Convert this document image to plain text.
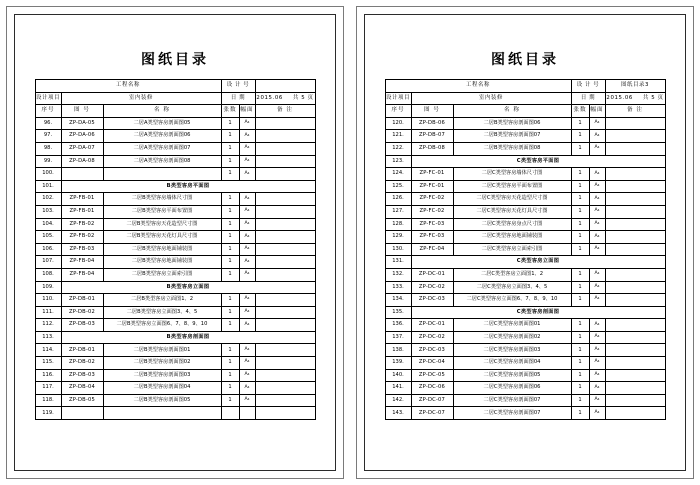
图纸目录
工程名称			设 计 号		
设计项目	室内装修		日 期		2015.06 共 5 页
序号	图 号	名 称	张数	幅面	备 注
96.	ZP-DA-05	二居A类型客房剖面图05	1	A₄	
97.	ZP-DA-06	二居A类型客房剖面图06	1	A₄	
98.	ZP-DA-07	二居A类型客房剖面图07	1	A₄	
99.	ZP-DA-08	二居A类型客房剖面图08	1	A₄	
100.			1	A₄	
101.	B类型客房平面图				
102.	ZP-FB-01	二居B类型客房墙体尺寸图	1	A₄	
103.	ZP-FB-01	二居B类型客房平面布置图	1	A₄	
104.	ZP-FB-02	二居B类型客房天花造型尺寸图	1	A₄	
105.	ZP-FB-02	二居B类型客房天花灯具尺寸图	1	A₄	
106.	ZP-FB-03	二居B类型客房地面铺装图	1	A₄	
107.	ZP-FB-04	二居B类型客房地面铺装图	1	A₄	
108.	ZP-FB-04	二居B类型客房立面索引图	1	A₄	
109.	B类型客房立面图				
110.	ZP-DB-01	二居B类型客房立面图1、2	1	A₄	
111.	ZP-DB-02	二居B类型客房立面图3、4、5	1	A₄	
112.	ZP-DB-03	二居B类型客房立面图6、7、8、9、10	1	A₄	
113.	B类型客房剖面图				
114.	ZP-DB-01	二居B类型客房剖面图01	1	A₄	
115.	ZP-DB-02	二居B类型客房剖面图02	1	A₄	
116.	ZP-DB-03	二居B类型客房剖面图03	1	A₄	
117.	ZP-DB-04	二居B类型客房剖面图04	1	A₄	
118.	ZP-DB-05	二居B类型客房剖面图05	1	A₄	
119.					
图纸目录
工程名称			设 计 号		图纸目录3
设计项目	室内装修		日 期		2015.06 共 5 页
序号	图 号	名 称	张数	幅面	备 注
120.	ZP-DB-06	二居B类型客房剖面图06	1	A₄	
121.	ZP-DB-07	二居B类型客房剖面图07	1	A₄	
122.	ZP-DB-08	二居B类型客房剖面图08	1	A₄	
123.	C类型客房平面图				
124.	ZP-FC-01	二居C类型客房墙体尺寸图	1	A₄	
125.	ZP-FC-01	二居C类型客房平面布置图	1	A₄	
126.	ZP-FC-02	二居C类型客房天花造型尺寸图	1	A₄	
127.	ZP-FC-02	二居C类型客房天花灯具尺寸图	1	A₄	
128.	ZP-FC-03	二居C类型客房身点尺寸图	1	A₄	
129.	ZP-FC-03	二居C类型客房地面铺装图	1	A₄	
130.	ZP-FC-04	二居C类型客房立面索引图	1	A₄	
131.	C类型客房立面图				
132.	ZP-DC-01	二居C类型客房立面图1、2	1	A₄	
133.	ZP-DC-02	二居C类型客房立面图3、4、5	1	A₄	
134.	ZP-DC-03	二居C类型客房立面图6、7、8、9、10	1	A₄	
135.	C类型客房剖面图				
136.	ZP-DC-01	二居C类型客房剖面图01	1	A₄	
137.	ZP-DC-02	二居C类型客房剖面图02	1	A₄	
138.	ZP-DC-03	二居C类型客房剖面图03	1	A₄	
139.	ZP-DC-04	二居C类型客房剖面图04	1	A₄	
140.	ZP-DC-05	二居C类型客房剖面图05	1	A₄	
141.	ZP-DC-06	二居C类型客房剖面图06	1	A₄	
142.	ZP-DC-07	二居C类型客房剖面图07	1	A₄	
143.	ZP-DC-07	二居C类型客房剖面图07	1	A₄	
